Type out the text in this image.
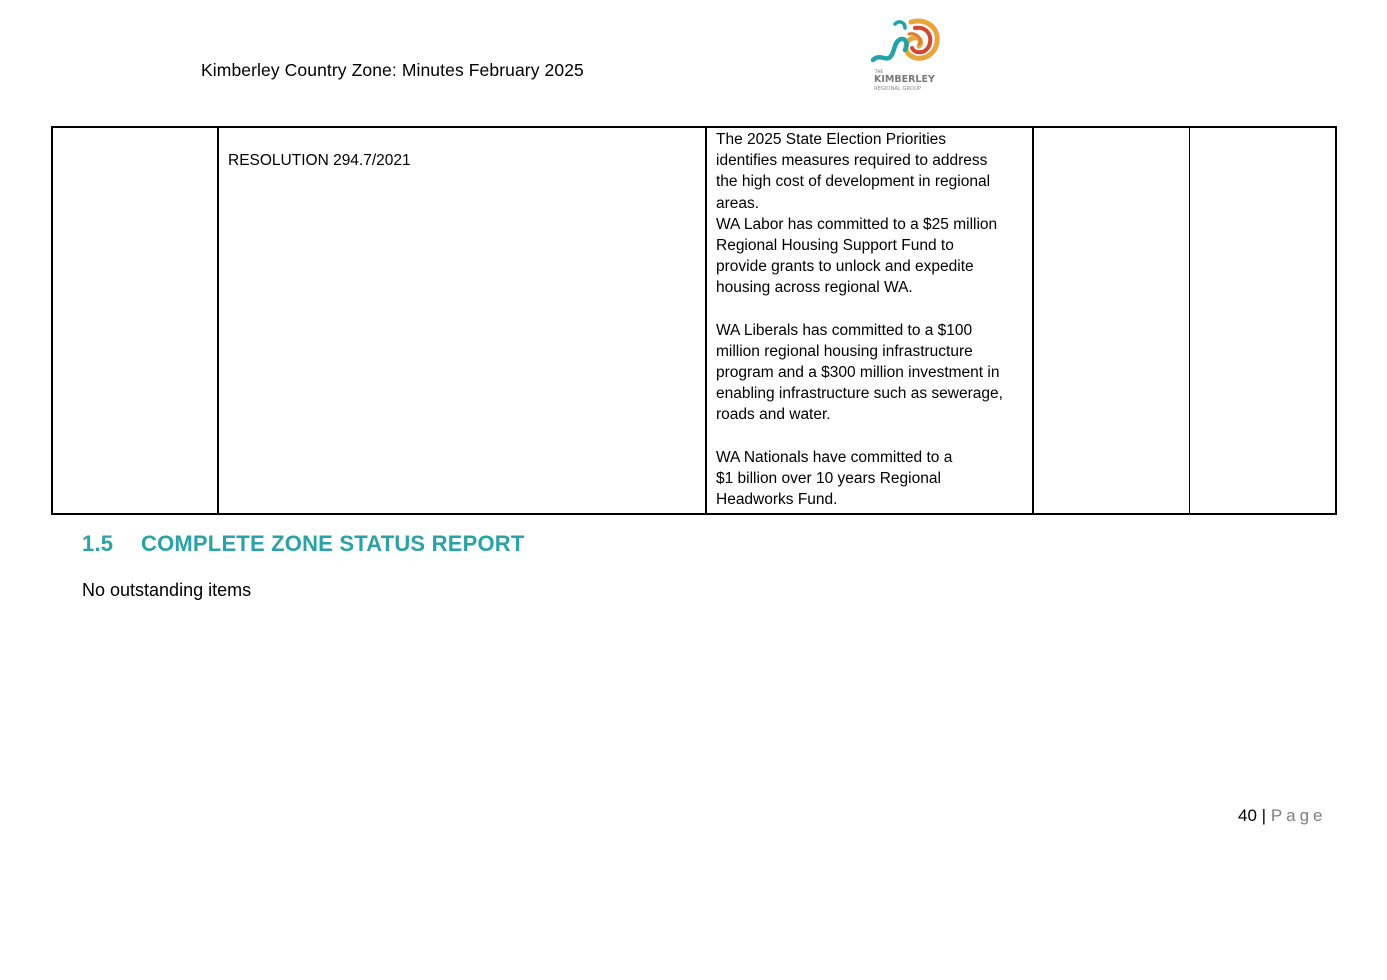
Kimberley Country Zone: Minutes February 2025	THE
KIMBERLEY
REGIONAL GROUP

RESOLUTION 294.7/2021

The 2025 State Election Priorities
identifies measures required to address
the high cost of development in regional
areas.
WA Labor has committed to a $25 million
Regional Housing Support Fund to
provide grants to unlock and expedite
housing across regional WA.

WA Liberals has committed to a $100
million regional housing infrastructure
program and a $300 million investment in
enabling infrastructure such as sewerage,
roads and water.

WA Nationals have committed to a
$1 billion over 10 years Regional
Headworks Fund.

1.5 COMPLETE ZONE STATUS REPORT
No outstanding items
40 | Page
